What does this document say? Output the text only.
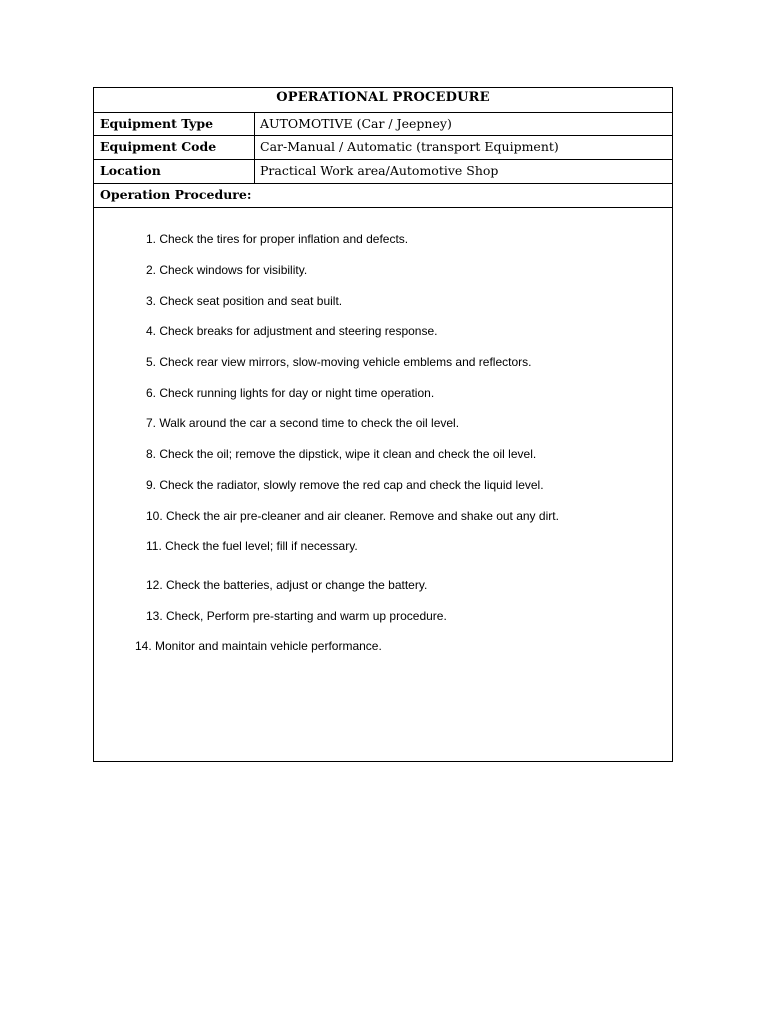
OPERATIONAL PROCEDURE
Equipment Type	AUTOMOTIVE (Car / Jeepney)
Equipment Code	Car-Manual / Automatic (transport Equipment)
Location	Practical Work area/Automotive Shop
Operation Procedure:
1. Check the tires for proper inflation and defects.
2. Check windows for visibility.
3. Check seat position and seat built.
4. Check breaks for adjustment and steering response.
5. Check rear view mirrors, slow-moving vehicle emblems and reflectors.
6. Check running lights for day or night time operation.
7. Walk around the car a second time to check the oil level.
8. Check the oil; remove the dipstick, wipe it clean and check the oil level.
9. Check the radiator, slowly remove the red cap and check the liquid level.
10. Check the air pre-cleaner and air cleaner. Remove and shake out any dirt.
11. Check the fuel level; fill if necessary.
12. Check the batteries, adjust or change the battery.
13. Check, Perform pre-starting and warm up procedure.
14. Monitor and maintain vehicle performance.
